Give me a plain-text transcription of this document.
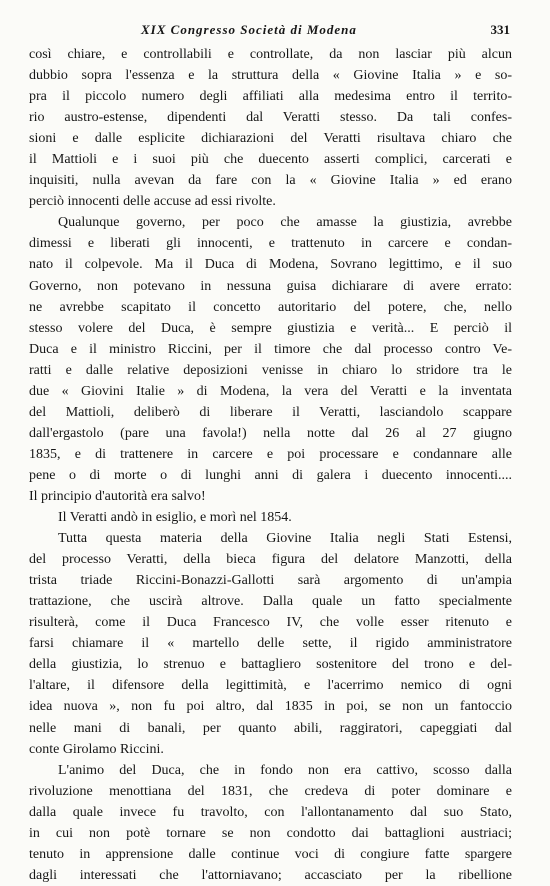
XIX Congresso Società di Modena	331
così chiare, e controllabili e controllate, da non lasciar più alcun
dubbio sopra l'essenza e la struttura della « Giovine Italia » e so-
pra il piccolo numero degli affiliati alla medesima entro il territo-
rio austro-estense, dipendenti dal Veratti stesso. Da tali confes-
sioni e dalle esplicite dichiarazioni del Veratti risultava chiaro che
il Mattioli e i suoi più che duecento asserti complici, carcerati e
inquisiti, nulla avevan da fare con la « Giovine Italia » ed erano
perciò innocenti delle accuse ad essi rivolte.
Qualunque governo, per poco che amasse la giustizia, avrebbe
dimessi e liberati gli innocenti, e trattenuto in carcere e condan-
nato il colpevole. Ma il Duca di Modena, Sovrano legittimo, e il suo
Governo, non potevano in nessuna guisa dichiarare di avere errato:
ne avrebbe scapitato il concetto autoritario del potere, che, nello
stesso volere del Duca, è sempre giustizia e verità... E perciò il
Duca e il ministro Riccini, per il timore che dal processo contro Ve-
ratti e dalle relative deposizioni venisse in chiaro lo stridore tra le
due « Giovini Italie » di Modena, la vera del Veratti e la inventata
del Mattioli, deliberò di liberare il Veratti, lasciandolo scappare
dall'ergastolo (pare una favola!) nella notte dal 26 al 27 giugno
1835, e di trattenere in carcere e poi processare e condannare alle
pene o di morte o di lunghi anni di galera i duecento innocenti....
Il principio d'autorità era salvo!
Il Veratti andò in esiglio, e morì nel 1854.
Tutta questa materia della Giovine Italia negli Stati Estensi,
del processo Veratti, della bieca figura del delatore Manzotti, della
trista triade Riccini-Bonazzi-Gallotti sarà argomento di un'ampia
trattazione, che uscirà altrove. Dalla quale un fatto specialmente
risulterà, come il Duca Francesco IV, che volle esser ritenuto e
farsi chiamare il « martello delle sette, il rigido amministratore
della giustizia, lo strenuo e battagliero sostenitore del trono e del-
l'altare, il difensore della legittimità, e l'acerrimo nemico di ogni
idea nuova », non fu poi altro, dal 1835 in poi, se non un fantoccio
nelle mani di banali, per quanto abili, raggiratori, capeggiati dal
conte Girolamo Riccini.
L'animo del Duca, che in fondo non era cattivo, scosso dalla
rivoluzione menottiana del 1831, che credeva di poter dominare e
dalla quale invece fu travolto, con l'allontanamento dal suo Stato,
in cui non potè tornare se non condotto dai battaglioni austriaci;
tenuto in apprensione dalle continue voci di congiure fatte spargere
dagli interessati che l'attorniavano; accasciato per la ribellione
